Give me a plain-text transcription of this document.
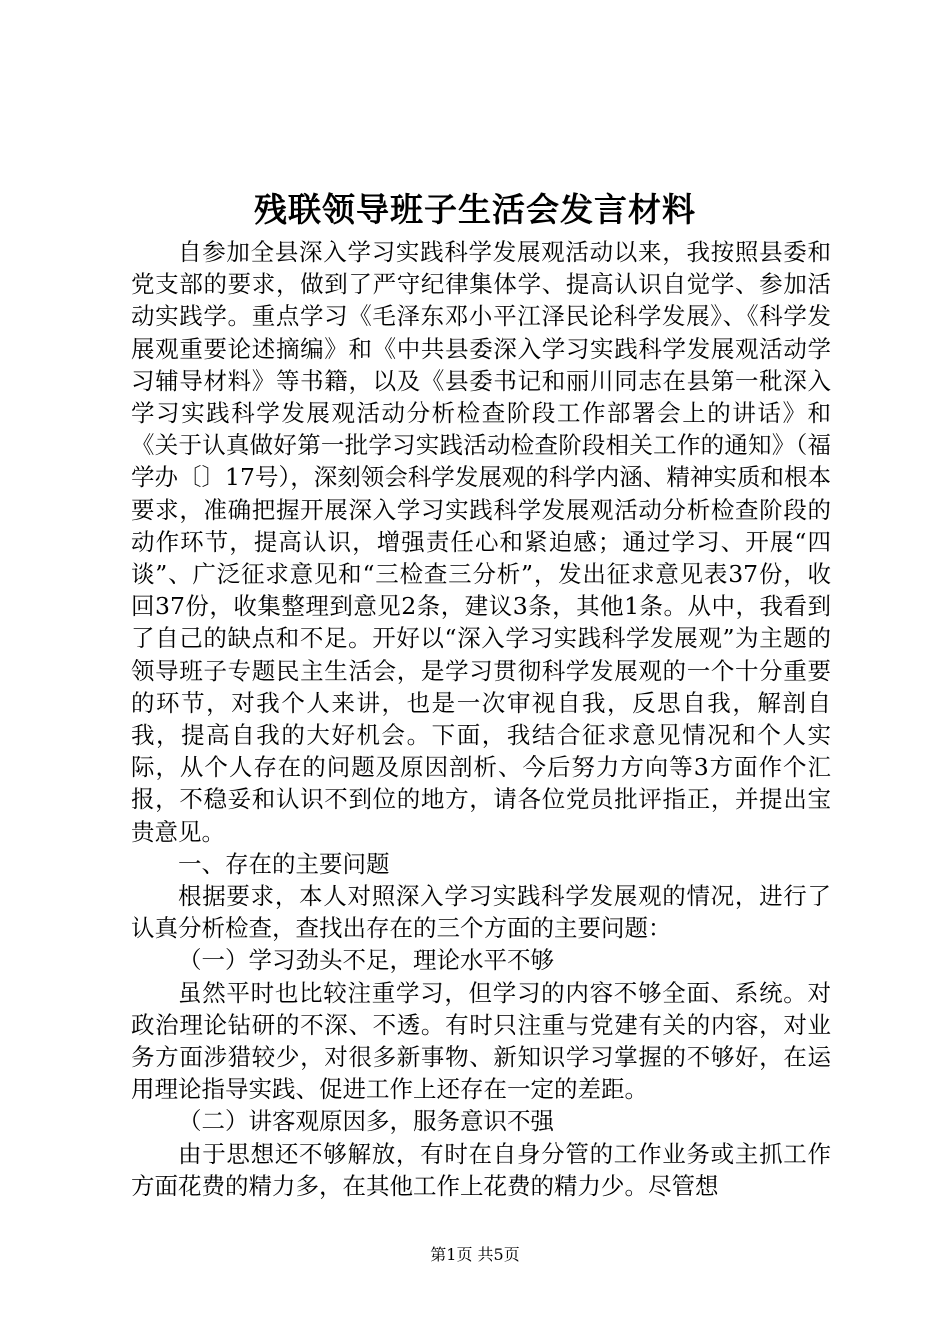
残联领导班子生活会发言材料

自参加全县深入学习实践科学发展观活动以来，我按照县委和党支部的要求，做到了严守纪律集体学、提高认识自觉学、参加活动实践学。重点学习《毛泽东邓小平江泽民论科学发展》、《科学发展观重要论述摘编》和《中共县委深入学习实践科学发展观活动学习辅导材料》等书籍，以及《县委书记和丽川同志在县第一秕深入学习实践科学发展观活动分析检查阶段工作部署会上的讲话》和《关于认真做好第一批学习实践活动检查阶段相关工作的通知》（福学办〔〕17号），深刻领会科学发展观的科学内涵、精神实质和根本要求，准确把握开展深入学习实践科学发展观活动分析检查阶段的动作环节，提高认识，增强责任心和紧迫感；通过学习、开展“四谈”、广泛征求意见和“三检查三分析”，发出征求意见表37份，收回37份，收集整理到意见2条，建议3条，其他1条。从中，我看到了自己的缺点和不足。开好以“深入学习实践科学发展观”为主题的领导班子专题民主生活会，是学习贯彻科学发展观的一个十分重要的环节，对我个人来讲，也是一次审视自我，反思自我，解剖自我，提高自我的大好机会。下面，我结合征求意见情况和个人实际，从个人存在的问题及原因剖析、今后努力方向等3方面作个汇报，不稳妥和认识不到位的地方，请各位党员批评指正，并提出宝贵意见。

一、存在的主要问题

根据要求，本人对照深入学习实践科学发展观的情况，进行了认真分析检查，查找出存在的三个方面的主要问题：

（一）学习劲头不足，理论水平不够

虽然平时也比较注重学习，但学习的内容不够全面、系统。对政治理论钻研的不深、不透。有时只注重与党建有关的内容，对业务方面涉猎较少，对很多新事物、新知识学习掌握的不够好，在运用理论指导实践、促进工作上还存在一定的差距。

（二）讲客观原因多，服务意识不强

由于思想还不够解放，有时在自身分管的工作业务或主抓工作方面花费的精力多，在其他工作上花费的精力少。尽管想

第1页 共5页
